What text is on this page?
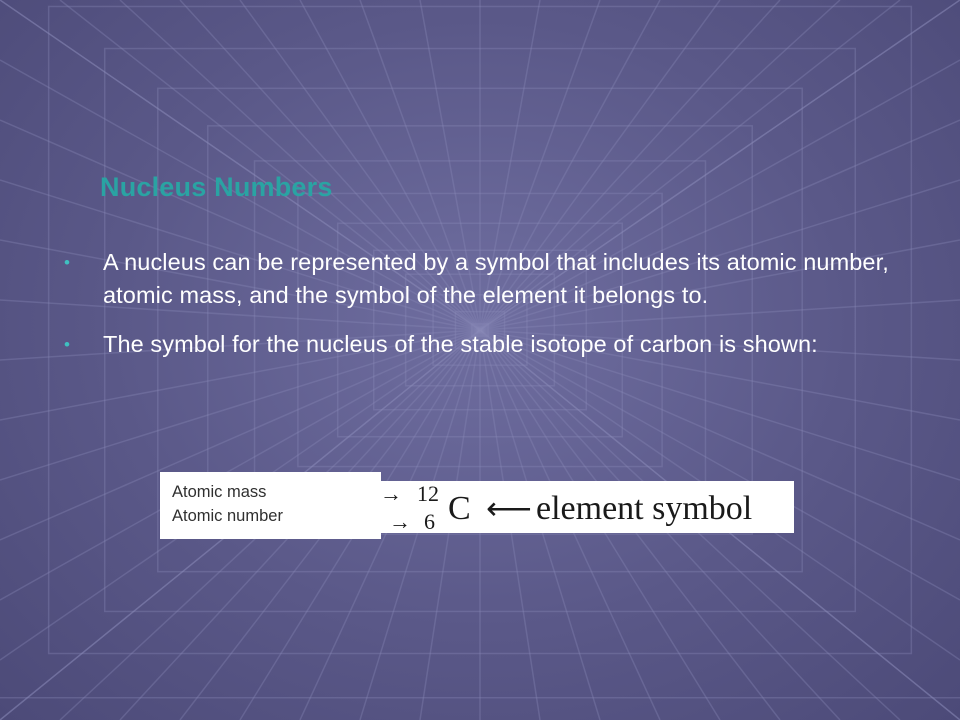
Nucleus Numbers
• A nucleus can be represented by a symbol that includes its atomic number, atomic mass, and the symbol of the element it belongs to.
• The symbol for the nucleus of the stable isotope of carbon is shown:
Atomic mass
Atomic number
→ 12
→ 6 C ⟵ element symbol
